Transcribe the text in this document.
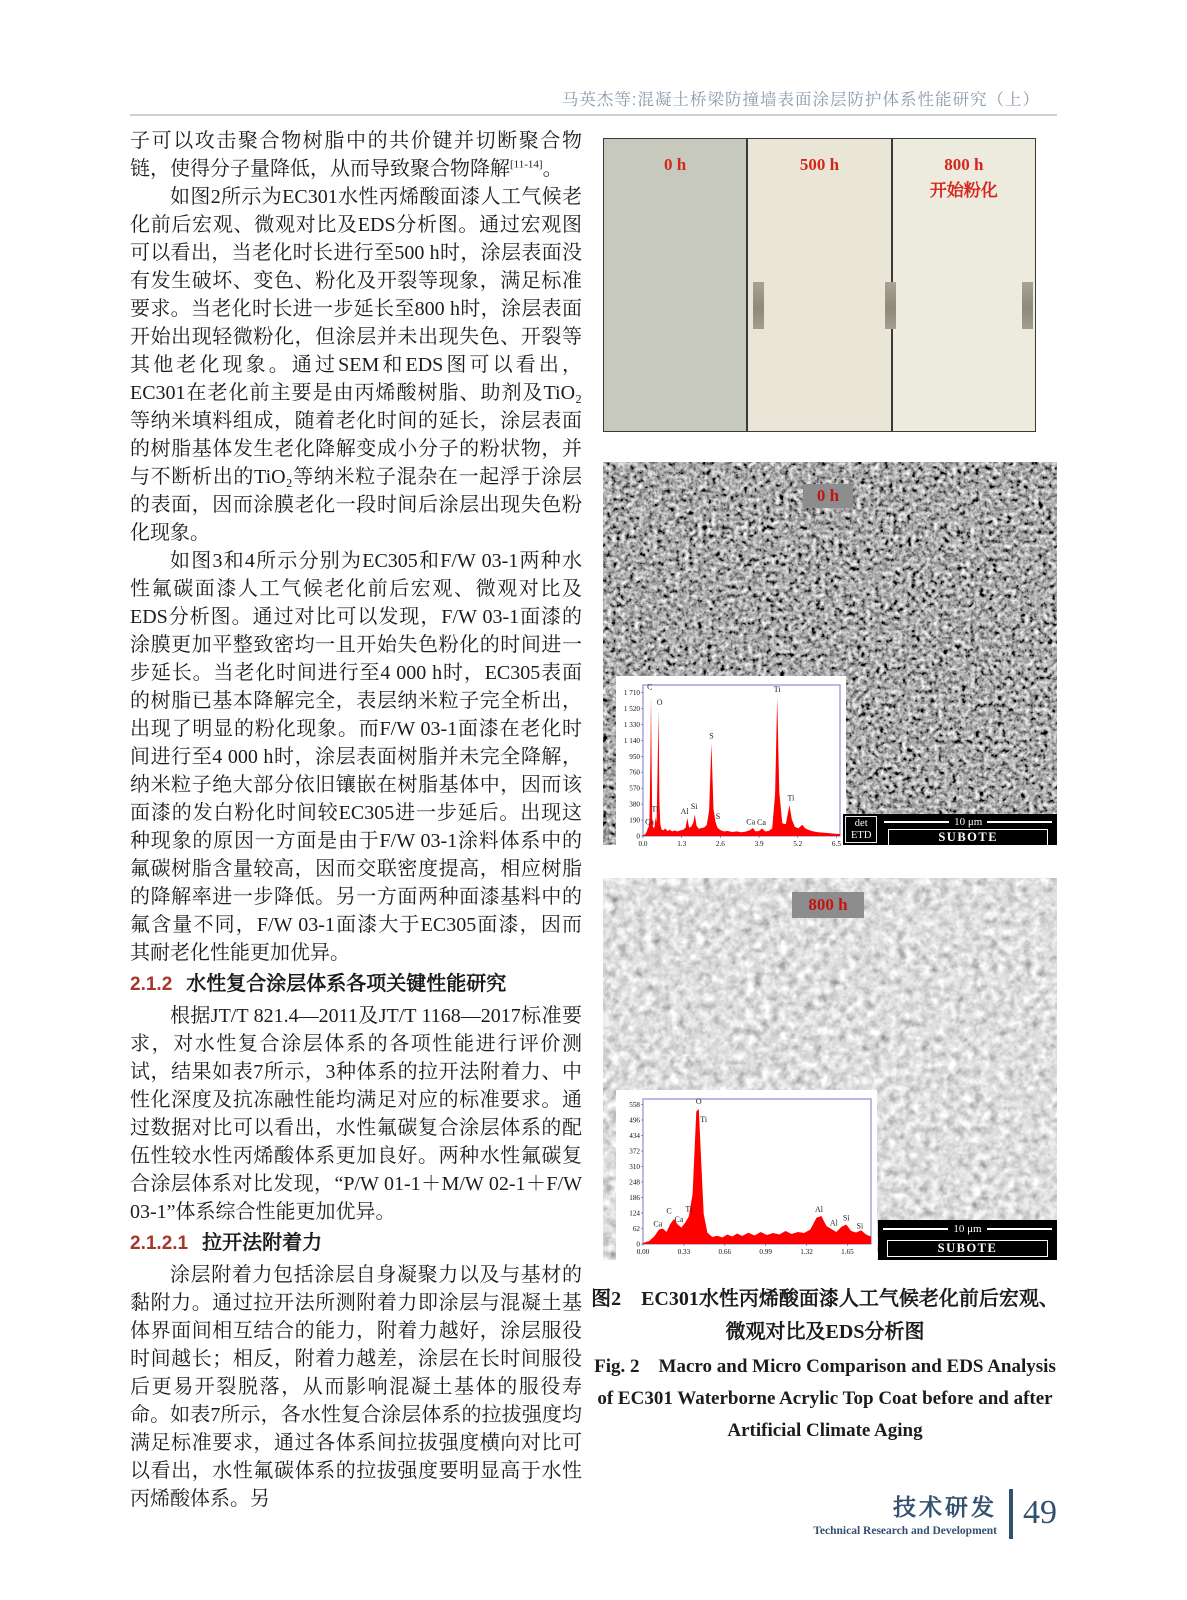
马英杰等:混凝土桥梁防撞墙表面涂层防护体系性能研究（上）

子可以攻击聚合物树脂中的共价键并切断聚合物链，使得分子量降低，从而导致聚合物降解[11-14]。

如图2所示为EC301水性丙烯酸面漆人工气候老化前后宏观、微观对比及EDS分析图。通过宏观图可以看出，当老化时长进行至500 h时，涂层表面没有发生破坏、变色、粉化及开裂等现象，满足标准要求。当老化时长进一步延长至800 h时，涂层表面开始出现轻微粉化，但涂层并未出现失色、开裂等其他老化现象。通过SEM和EDS图可以看出，EC301在老化前主要是由丙烯酸树脂、助剂及TiO₂等纳米填料组成，随着老化时间的延长，涂层表面的树脂基体发生老化降解变成小分子的粉状物，并与不断析出的TiO₂等纳米粒子混杂在一起浮于涂层的表面，因而涂膜老化一段时间后涂层出现失色粉化现象。

如图3和4所示分别为EC305和F/W 03-1两种水性氟碳面漆人工气候老化前后宏观、微观对比及EDS分析图。通过对比可以发现，F/W 03-1面漆的涂膜更加平整致密均一且开始失色粉化的时间进一步延长。当老化时间进行至4 000 h时，EC305表面的树脂已基本降解完全，表层纳米粒子完全析出，出现了明显的粉化现象。而F/W 03-1面漆在老化时间进行至4 000 h时，涂层表面树脂并未完全降解，纳米粒子绝大部分依旧镶嵌在树脂基体中，因而该面漆的发白粉化时间较EC305进一步延后。出现这种现象的原因一方面是由于F/W 03-1涂料体系中的氟碳树脂含量较高，因而交联密度提高，相应树脂的降解率进一步降低。另一方面两种面漆基料中的氟含量不同，F/W 03-1面漆大于EC305面漆，因而其耐老化性能更加优异。

2.1.2 水性复合涂层体系各项关键性能研究

根据JT/T 821.4—2011及JT/T 1168—2017标准要求，对水性复合涂层体系的各项性能进行评价测试，结果如表7所示，3种体系的拉开法附着力、中性化深度及抗冻融性能均满足对应的标准要求。通过数据对比可以看出，水性氟碳复合涂层体系的配伍性较水性丙烯酸体系更加良好。两种水性氟碳复合涂层体系对比发现，“P/W 01-1＋M/W 02-1＋F/W 03-1”体系综合性能更加优异。

2.1.2.1 拉开法附着力

涂层附着力包括涂层自身凝聚力以及与基材的黏附力。通过拉开法所测附着力即涂层与混凝土基体界面间相互结合的能力，附着力越好，涂层服役时间越长；相反，附着力越差，涂层在长时间服役后更易开裂脱落，从而影响混凝土基体的服役寿命。如表7所示，各水性复合涂层体系的拉拔强度均满足标准要求，通过各体系间拉拔强度横向对比可以看出，水性氟碳体系的拉拔强度要明显高于水性丙烯酸体系。另

0 h	500 h	800 h
开始粉化
0 h
1 710
1 520
1 330
1 140
950
760
570
380
190
0
0.0	1.3	2.6	3.9	5.2	6.5
C
O
Ti
Ca
Al
Si
S
S
Ca Ca
Ti
Ti
det
ETD
10 μm
SUBOTE
800 h
558
496
434
372
310
248
186
124
62
0
0.00	0.33	0.66	0.99	1.32	1.65
O
Ti
C Ti
Ca
Ca
Al
Al
Si
Si	10 μm
SUBOTE
图2　EC301水性丙烯酸面漆人工气候老化前后宏观、微观对比及EDS分析图
Fig. 2　Macro and Micro Comparison and EDS Analysis of EC301 Waterborne Acrylic Top Coat before and after Artificial Climate Aging
技术研发
Technical Research and Development 49
